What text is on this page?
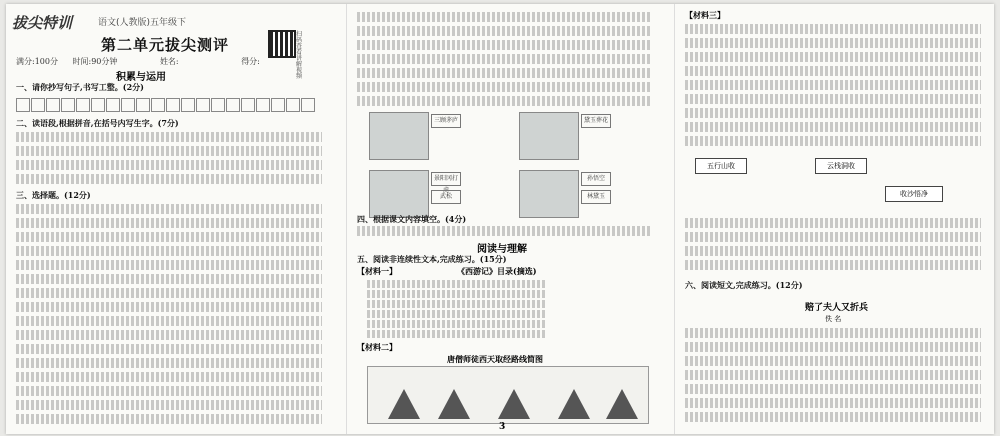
拔尖特训	语文(人教版)五年级下
第二单元拔尖测评
扫码查看讲解视频
满分:100分 时间:90分钟	姓名:	得分:
积累与运用
一、请你抄写句子,书写工整。(2分)
二、读语段,根据拼音,在括号内写生字。(7分)
三、选择题。(12分)
三顾茅庐	黛玉葬花
景阳冈打虎
武松
孙悟空
林黛玉
四、根据课文内容填空。(4分)
阅读与理解
五、阅读非连续性文本,完成练习。(15分)
【材料一】	《西游记》目录(摘选)
【材料二】
唐僧师徒西天取经路线简图
3
【材料三】
五行山收	云栈洞收
收沙悟净
六、阅读短文,完成练习。(12分)
赔了夫人又折兵
佚 名
